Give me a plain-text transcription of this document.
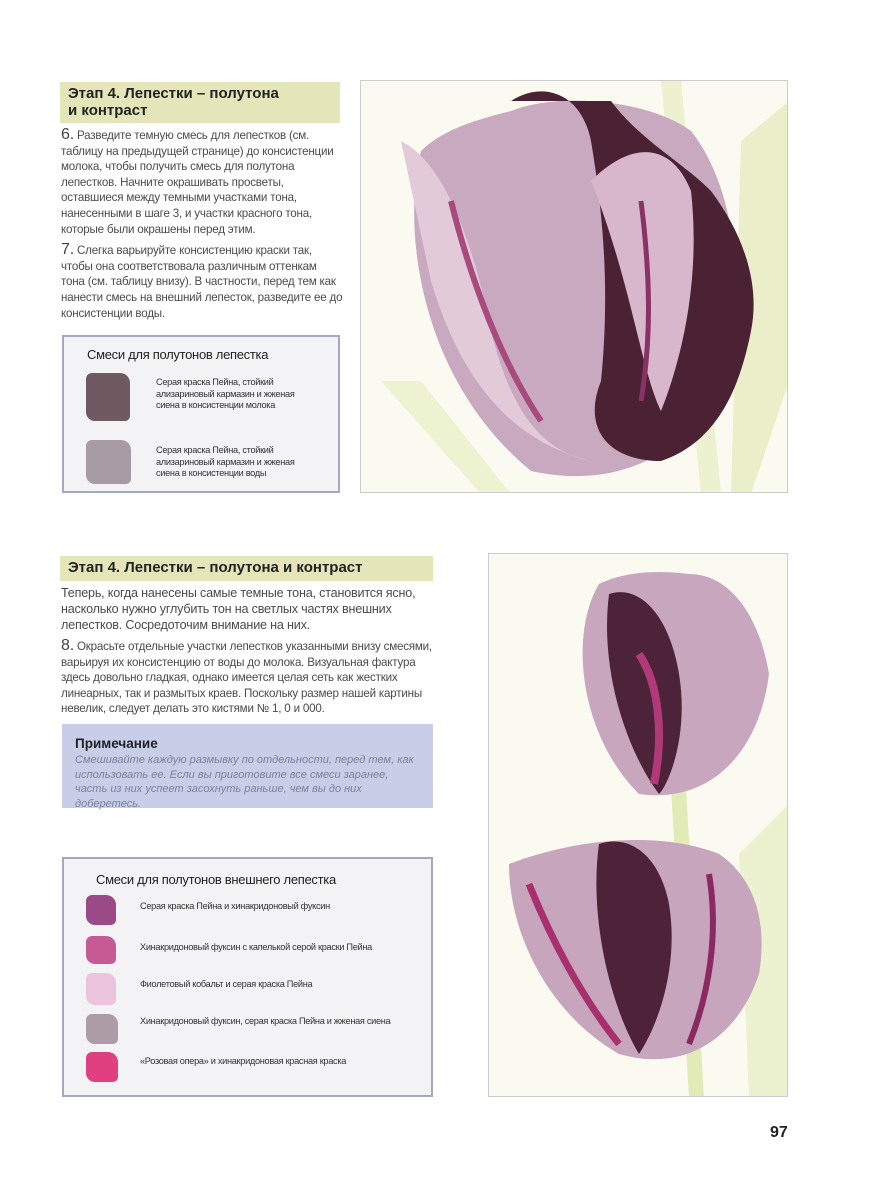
Этап 4. Лепестки – полутона
и контраст

6. Разведите темную смесь для лепестков (см. таблицу на предыдущей странице) до консистенции молока, чтобы получить смесь для полутона лепестков. Начните окрашивать просветы, оставшиеся между темными участками тона, нанесенными в шаге 3, и участки красного тона, которые были окрашены перед этим.

7. Слегка варьируйте консистенцию краски так, чтобы она соответствовала различным оттенкам тона (см. таблицу внизу). В частности, перед тем как нанести смесь на внешний лепесток, разведите ее до консистенции воды.

Смеси для полутонов лепестка
Серая краска Пейна, стойкий ализариновый кармазин и жженая сиена в консистенции молока
Серая краска Пейна, стойкий ализариновый кармазин и жженая сиена в консистенции воды
Этап 4. Лепестки – полутона и контраст

Теперь, когда нанесены самые темные тона, становится ясно, насколько нужно углубить тон на светлых частях внешних лепестков. Сосредоточим внимание на них.

8. Окрасьте отдельные участки лепестков указанными внизу смесями, варьируя их консистенцию от воды до молока. Визуальная фактура здесь довольно гладкая, однако имеется целая сеть как жестких линеарных, так и размытых краев. Поскольку размер нашей картины невелик, следует делать это кистями № 1, 0 и 000.

Примечание
Смешивайте каждую размывку по отдельности, перед тем, как использовать ее. Если вы приготовите все смеси заранее, часть из них успеет засохнуть раньше, чем вы до них доберетесь.
Смеси для полутонов внешнего лепестка
Серая краска Пейна и хинакридоновый фуксин
Хинакридоновый фуксин с капелькой серой краски Пейна
Фиолетовый кобальт и серая краска Пейна
Хинакридоновый фуксин, серая краска Пейна и жженая сиена
«Розовая опера» и хинакридоновая красная краска
97
